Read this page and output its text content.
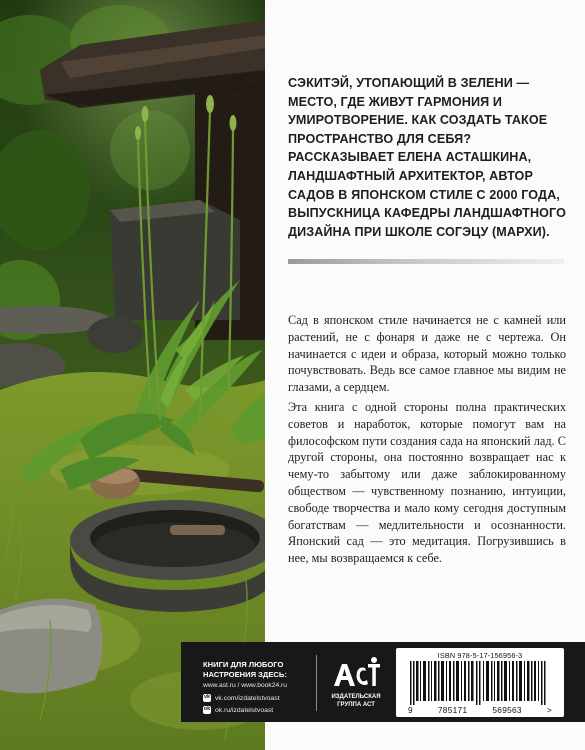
СЭКИТЭЙ, УТОПАЮЩИЙ В ЗЕЛЕНИ — МЕСТО, ГДЕ ЖИВУТ ГАРМОНИЯ И УМИРОТВОРЕНИЕ. КАК СОЗДАТЬ ТАКОЕ ПРОСТРАНСТВО ДЛЯ СЕБЯ? РАССКАЗЫВАЕТ ЕЛЕНА АСТАШКИНА, ЛАНДШАФТНЫЙ АРХИТЕКТОР, АВТОР САДОВ В ЯПОНСКОМ СТИЛЕ С 2000 ГОДА, ВЫПУСКНИЦА КАФЕДРЫ ЛАНДШАФТНОГО ДИЗАЙНА ПРИ ШКОЛЕ СОГЭЦУ (МАРХИ).

Сад в японском стиле начинается не с камней или растений, не с фонаря и даже не с чертежа. Он начинается с идеи и образа, который можно только почувствовать. Ведь все самое главное мы видим не глазами, а сердцем.

Эта книга с одной стороны полна практических советов и наработок, которые помогут вам на философском пути создания сада на японский лад. С другой стороны, она постоянно возвращает нас к чему-то забытому или даже заблокированному обществом — чувственному познанию, интуиции, свободе творчества и мало кому сегодня доступным богатствам — медлительности и осознанности. Японский сад — это медитация. Погрузившись в нее, мы возвращаемся к себе.

КНИГИ ДЛЯ ЛЮБОГО НАСТРОЕНИЯ ЗДЕСЬ:
www.ast.ru / www.book24.ru
vk vk.com/izdatelstvoast
ok ok.ru/izdatelstvoast
ИЗДАТЕЛЬСКАЯ ГРУППА АСТ
ISBN 978-5-17-156956-3
9	785171	569563	>
